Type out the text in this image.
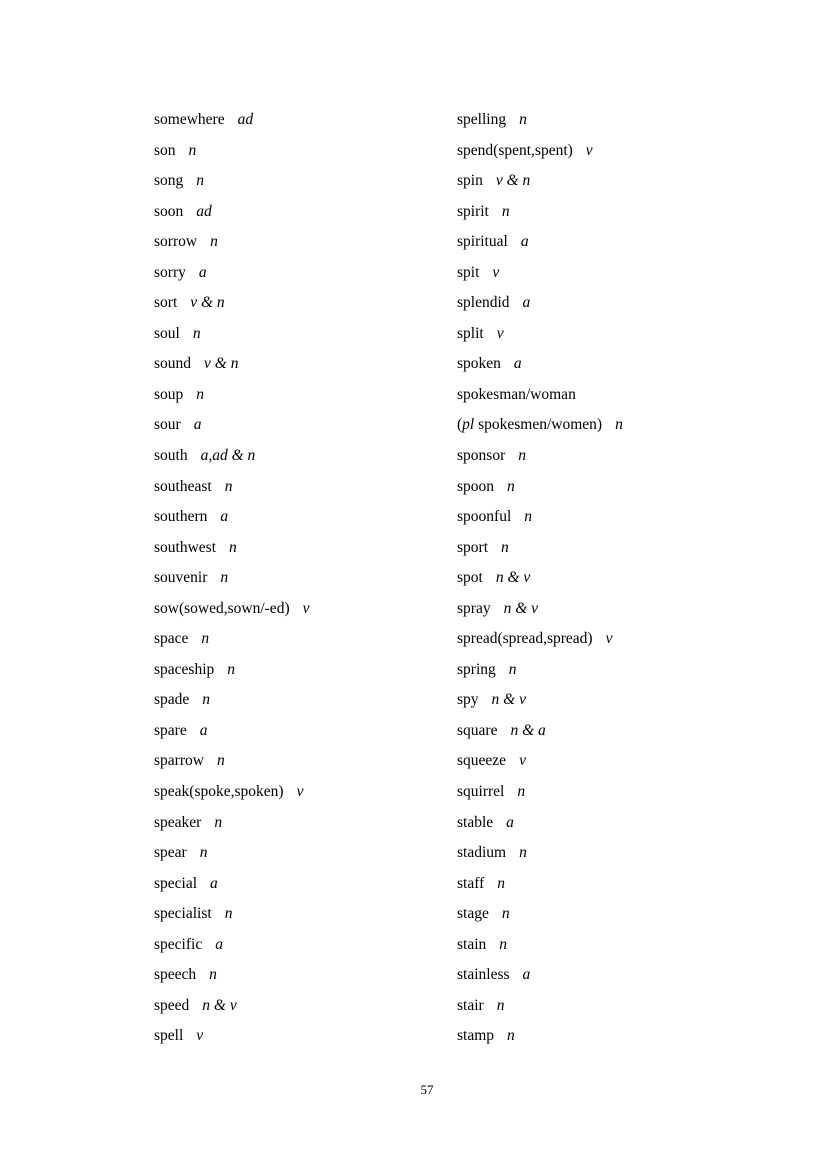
somewhere ad
son n
song n
soon ad
sorrow n
sorry a
sort v & n
soul n
sound v & n
soup n
sour a
south a,ad & n
southeast n
southern a
southwest n
souvenir n
sow(sowed,sown/-ed) v
space n
spaceship n
spade n
spare a
sparrow n
speak(spoke,spoken) v
speaker n
spear n
special a
specialist n
specific a
speech n
speed n & v
spell v
spelling n
spend(spent,spent) v
spin v & n
spirit n
spiritual a
spit v
splendid a
split v
spoken a
spokesman/woman
(pl spokesmen/women) n
sponsor n
spoon n
spoonful n
sport n
spot n & v
spray n & v
spread(spread,spread) v
spring n
spy n & v
square n & a
squeeze v
squirrel n
stable a
stadium n
staff n
stage n
stain n
stainless a
stair n
stamp n
57
